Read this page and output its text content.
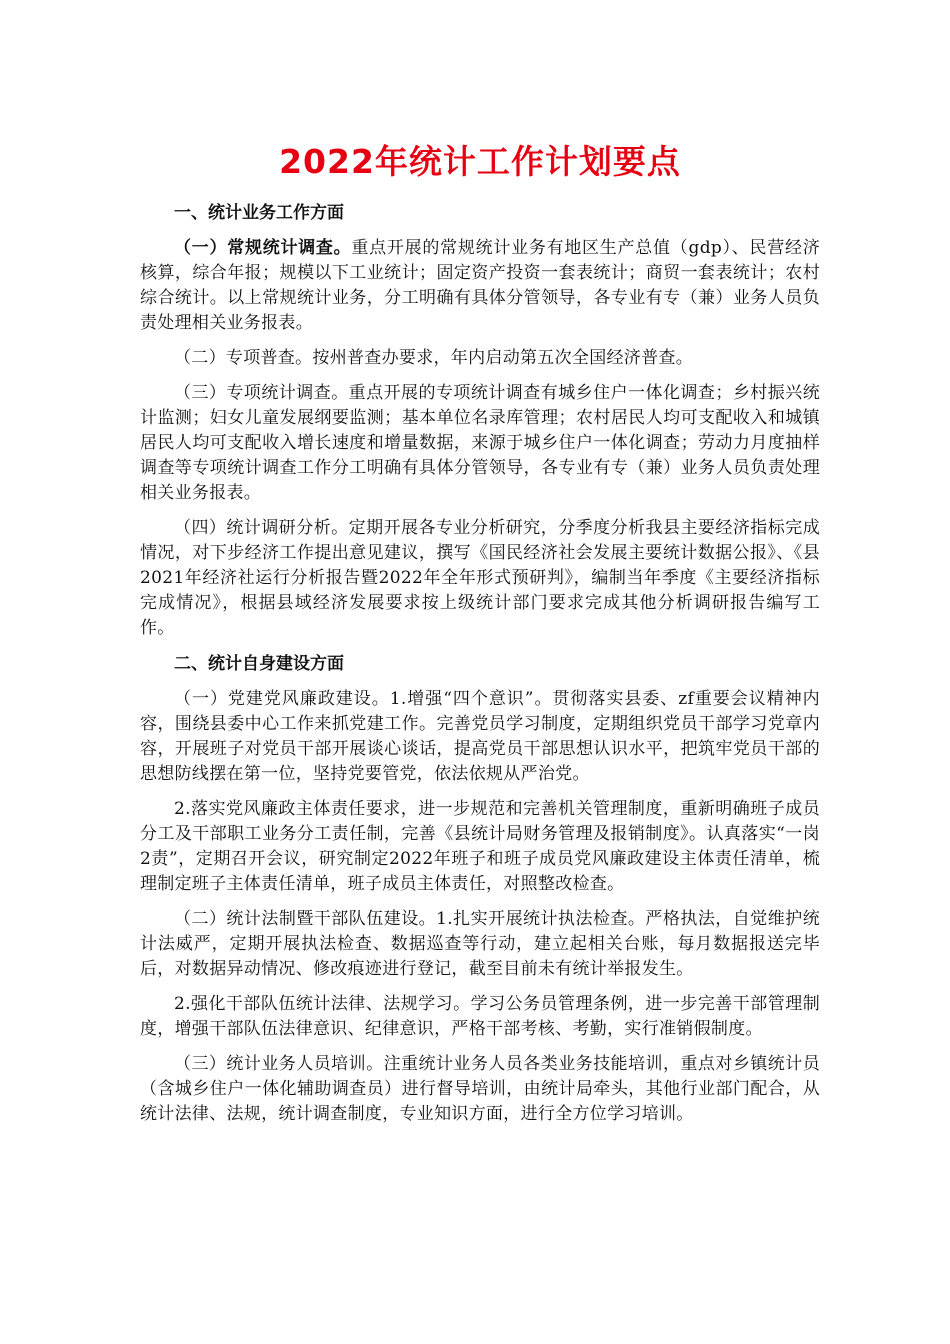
2022年统计工作计划要点
一、统计业务工作方面

（一）常规统计调查。重点开展的常规统计业务有地区生产总值（gdp）、民营经济核算，综合年报；规模以下工业统计；固定资产投资一套表统计；商贸一套表统计；农村综合统计。以上常规统计业务，分工明确有具体分管领导，各专业有专（兼）业务人员负责处理相关业务报表。

（二）专项普查。按州普查办要求，年内启动第五次全国经济普查。

（三）专项统计调查。重点开展的专项统计调查有城乡住户一体化调查；乡村振兴统计监测；妇女儿童发展纲要监测；基本单位名录库管理；农村居民人均可支配收入和城镇居民人均可支配收入增长速度和增量数据，来源于城乡住户一体化调查；劳动力月度抽样调查等专项统计调查工作分工明确有具体分管领导，各专业有专（兼）业务人员负责处理相关业务报表。

（四）统计调研分析。定期开展各专业分析研究，分季度分析我县主要经济指标完成情况，对下步经济工作提出意见建议，撰写《国民经济社会发展主要统计数据公报》、《县2021年经济社运行分析报告暨2022年全年形式预研判》，编制当年季度《主要经济指标完成情况》，根据县域经济发展要求按上级统计部门要求完成其他分析调研报告编写工作。

二、统计自身建设方面

（一）党建党风廉政建设。1.增强“四个意识”。贯彻落实县委、zf重要会议精神内容，围绕县委中心工作来抓党建工作。完善党员学习制度，定期组织党员干部学习党章内容，开展班子对党员干部开展谈心谈话，提高党员干部思想认识水平，把筑牢党员干部的思想防线摆在第一位，坚持党要管党，依法依规从严治党。

2.落实党风廉政主体责任要求，进一步规范和完善机关管理制度，重新明确班子成员分工及干部职工业务分工责任制，完善《县统计局财务管理及报销制度》。认真落实“一岗2责”，定期召开会议，研究制定2022年班子和班子成员党风廉政建设主体责任清单，梳理制定班子主体责任清单，班子成员主体责任，对照整改检查。

（二）统计法制暨干部队伍建设。1.扎实开展统计执法检查。严格执法，自觉维护统计法威严，定期开展执法检查、数据巡查等行动，建立起相关台账，每月数据报送完毕后，对数据异动情况、修改痕迹进行登记，截至目前未有统计举报发生。

2.强化干部队伍统计法律、法规学习。学习公务员管理条例，进一步完善干部管理制度，增强干部队伍法律意识、纪律意识，严格干部考核、考勤，实行准销假制度。

（三）统计业务人员培训。注重统计业务人员各类业务技能培训，重点对乡镇统计员（含城乡住户一体化辅助调查员）进行督导培训，由统计局牵头，其他行业部门配合，从统计法律、法规，统计调查制度，专业知识方面，进行全方位学习培训。
